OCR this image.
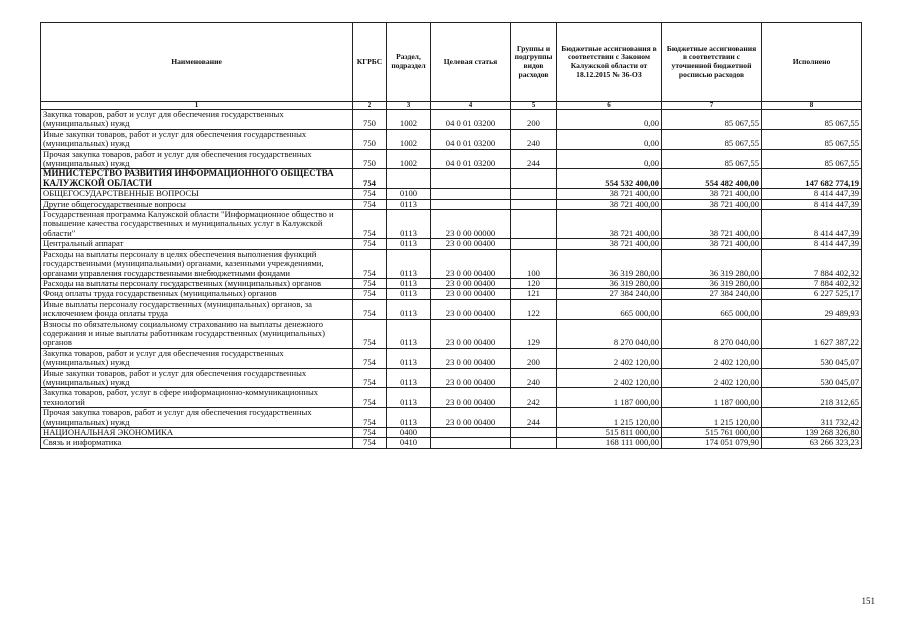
Наименование	КГРБС	Раздел, подраздел	Целевая статья	Группы и подгруппы видов расходов	Бюджетные ассигнования в соответствии с Законом Калужской области от 18.12.2015 № 36-ОЗ	Бюджетные ассигнования в соответствии с уточненной бюджетной росписью расходов	Исполнено
1	2	3	4	5	6	7	8
Закупка товаров, работ и услуг для обеспечения государственных (муниципальных) нужд	750	1002	04 0 01 03200	200	0,00	85 067,55	85 067,55
Иные закупки товаров, работ и услуг для обеспечения государственных (муниципальных) нужд	750	1002	04 0 01 03200	240	0,00	85 067,55	85 067,55
Прочая закупка товаров, работ и услуг для обеспечения государственных (муниципальных) нужд	750	1002	04 0 01 03200	244	0,00	85 067,55	85 067,55
МИНИСТЕРСТВО РАЗВИТИЯ ИНФОРМАЦИОННОГО ОБЩЕСТВА КАЛУЖСКОЙ ОБЛАСТИ	754				554 532 400,00	554 482 400,00	147 682 774,19
ОБЩЕГОСУДАРСТВЕННЫЕ ВОПРОСЫ	754	0100			38 721 400,00	38 721 400,00	8 414 447,39
Другие общегосударственные вопросы	754	0113			38 721 400,00	38 721 400,00	8 414 447,39
Государственная программа Калужской области "Информационное общество и повышение качества государственных и муниципальных услуг в Калужской области"	754	0113	23 0 00 00000		38 721 400,00	38 721 400,00	8 414 447,39
Центральный аппарат	754	0113	23 0 00 00400		38 721 400,00	38 721 400,00	8 414 447,39
Расходы на выплаты персоналу в целях обеспечения выполнения функций государственными (муниципальными) органами, казенными учреждениями, органами управления государственными внебюджетными фондами	754	0113	23 0 00 00400	100	36 319 280,00	36 319 280,00	7 884 402,32
Расходы на выплаты персоналу государственных (муниципальных) органов	754	0113	23 0 00 00400	120	36 319 280,00	36 319 280,00	7 884 402,32
Фонд оплаты труда государственных (муниципальных) органов	754	0113	23 0 00 00400	121	27 384 240,00	27 384 240,00	6 227 525,17
Иные выплаты персоналу государственных (муниципальных) органов, за исключением фонда оплаты труда	754	0113	23 0 00 00400	122	665 000,00	665 000,00	29 489,93
Взносы по обязательному социальному страхованию на выплаты денежного содержания и иные выплаты работникам государственных (муниципальных) органов	754	0113	23 0 00 00400	129	8 270 040,00	8 270 040,00	1 627 387,22
Закупка товаров, работ и услуг для обеспечения государственных (муниципальных) нужд	754	0113	23 0 00 00400	200	2 402 120,00	2 402 120,00	530 045,07
Иные закупки товаров, работ и услуг для обеспечения государственных (муниципальных) нужд	754	0113	23 0 00 00400	240	2 402 120,00	2 402 120,00	530 045,07
Закупка товаров, работ, услуг в сфере информационно-коммуникационных технологий	754	0113	23 0 00 00400	242	1 187 000,00	1 187 000,00	218 312,65
Прочая закупка товаров, работ и услуг для обеспечения государственных (муниципальных) нужд	754	0113	23 0 00 00400	244	1 215 120,00	1 215 120,00	311 732,42
НАЦИОНАЛЬНАЯ ЭКОНОМИКА	754	0400			515 811 000,00	515 761 000,00	139 268 326,80
Связь и информатика	754	0410			168 111 000,00	174 051 079,90	63 266 323,23
151
